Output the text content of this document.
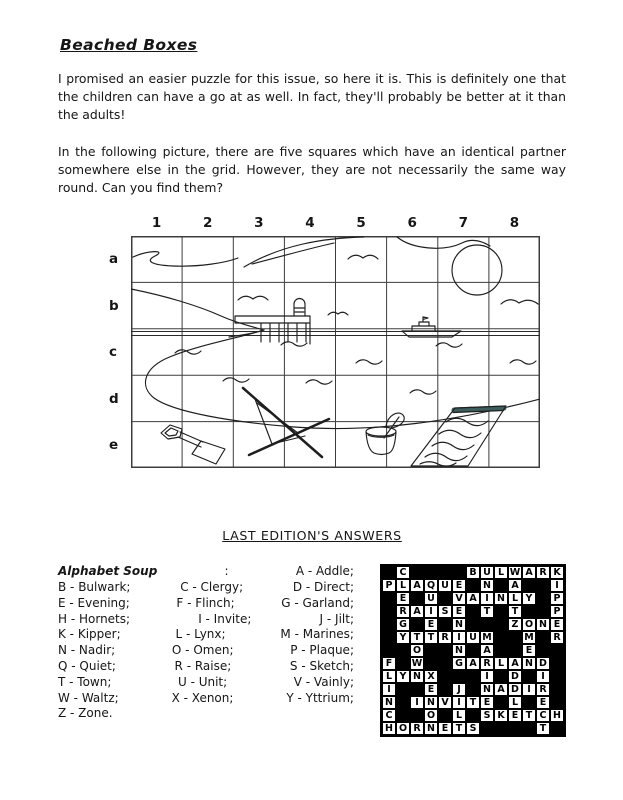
Beached Boxes

I promised an easier puzzle for this issue, so here it is. This is definitely one that the children can have a go at as well. In fact, they'll probably be better at it than the adults!

In the following picture, there are five squares which have an identical partner somewhere else in the grid. However, they are not necessarily the same way round. Can you find them?

1	2	3	4	5	6	7	8
a
b
c
d
e
LAST EDITION'S ANSWERS
Alphabet Soup	:	A - Addle;
B - Bulwark;	C - Clergy;	D - Direct;
E - Evening;	F - Flinch;	G - Garland;
H - Hornets;	I - Invite;	J - Jilt;
K - Kipper;	L - Lynx;	M - Marines;
N - Nadir;	O - Omen;	P - Plaque;
Q - Quiet;	R - Raise;	S - Sketch;
T - Town;	U - Unit;	V - Vainly;
W - Waltz;	X - Xenon;	Y - Yttrium;
Z - Zone.
C	B U L W A R K
P L A Q U E	N	A	I
E	U	V A I N L Y	P
R A I S E	T	T	P
G	E	N	Z O N E
Y T T R I U M	M	R
O	N	A	E
F	W	G A R L A N D
L Y N X	I	D	I
I	E	J	N A D I R
N	I N V I T E	L	E
C	O	L	S K E T C H
H O R N E T S	T
